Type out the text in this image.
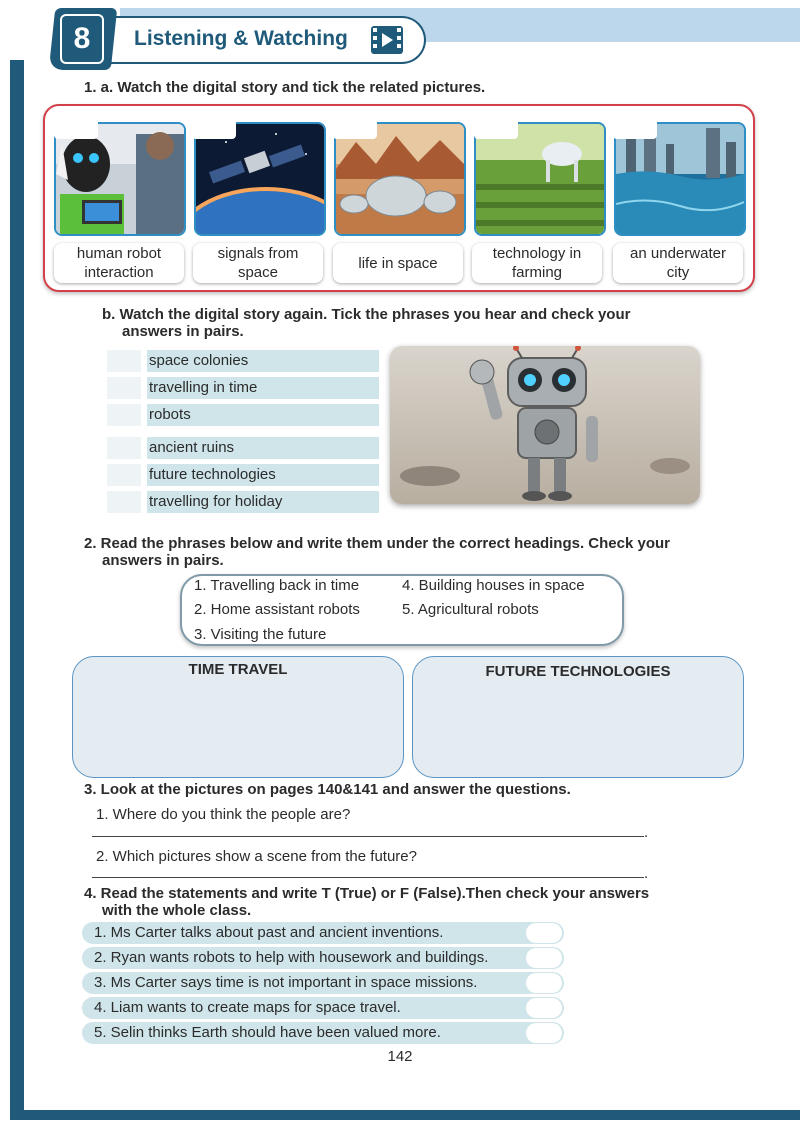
8	Listening & Watching
1. a. Watch the digital story and tick the related pictures.
human robot
interaction
signals from
space
life in space
technology in
farming
an underwater
city
b. Watch the digital story again. Tick the phrases you hear and check your
answers in pairs.
space colonies
travelling in time
robots
ancient ruins
future technologies
travelling for holiday
2. Read the phrases below and write them under the correct headings. Check your
answers in pairs.
1. Travelling back in time
2. Home assistant robots
3. Visiting the future
4. Building houses in space
5. Agricultural robots
TIME TRAVEL	FUTURE TECHNOLOGIES
3. Look at the pictures on pages 140&141 and answer the questions.
1. Where do you think the people are?
.
2. Which pictures show a scene from the future?
.
4. Read the statements and write T (True) or F (False).Then check your answers
with the whole class.
1. Ms Carter talks about past and ancient inventions.
2. Ryan wants robots to help with housework and buildings.
3. Ms Carter says time is not important in space missions.
4. Liam wants to create maps for space travel.
5. Selin thinks Earth should have been valued more.
142
